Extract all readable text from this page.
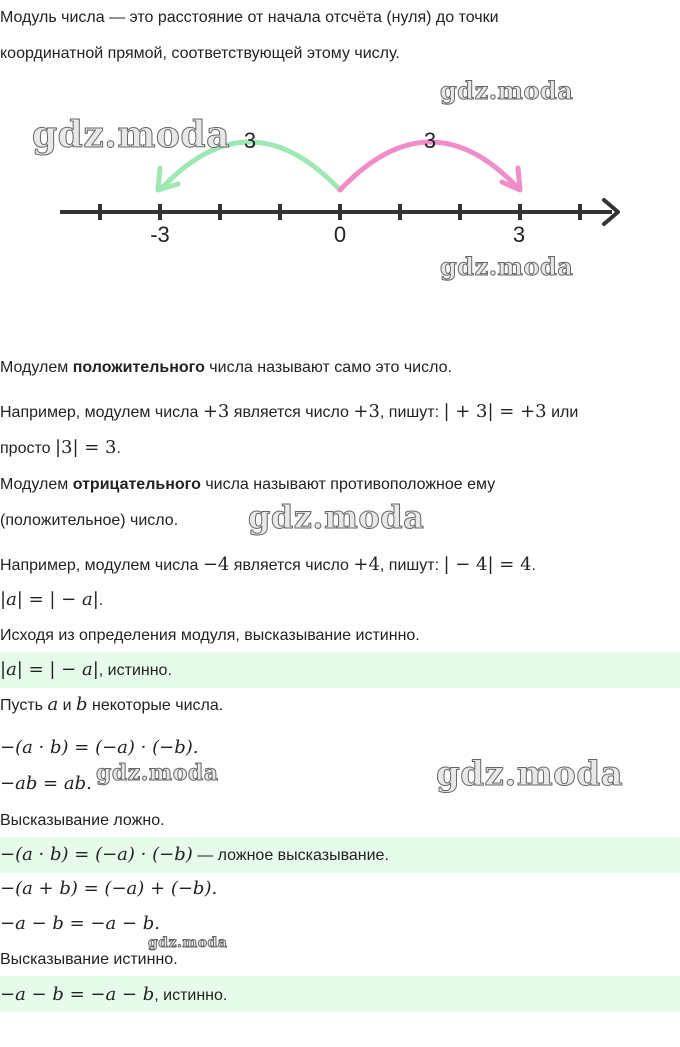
Модуль числа — это расстояние от начала отсчёта (нуля) до точки
координатной прямой, соответствующей этому числу.
3	3
-3	0	3
gdz.moda
gdz.moda
gdz.moda
gdz.moda
gdz.moda	gdz.moda
gdz.moda
Модулем положительного числа называют само это число.
Например, модулем числа +3 является число +3, пишут: | + 3| = +3 или
просто |3| = 3.
Модулем отрицательного числа называют противоположное ему
(положительное) число.
Например, модулем числа −4 является число +4, пишут: | − 4| = 4.
|a| = | − a|.
Исходя из определения модуля, высказывание истинно.
|a| = | − a|, истинно.
Пусть a и b некоторые числа.
−(a · b) = (−a) · (−b).
−ab = ab.
Высказывание ложно.
−(a · b) = (−a) · (−b) — ложное высказывание.
−(a + b) = (−a) + (−b).
−a − b = −a − b.
Высказывание истинно.
−a − b = −a − b, истинно.
